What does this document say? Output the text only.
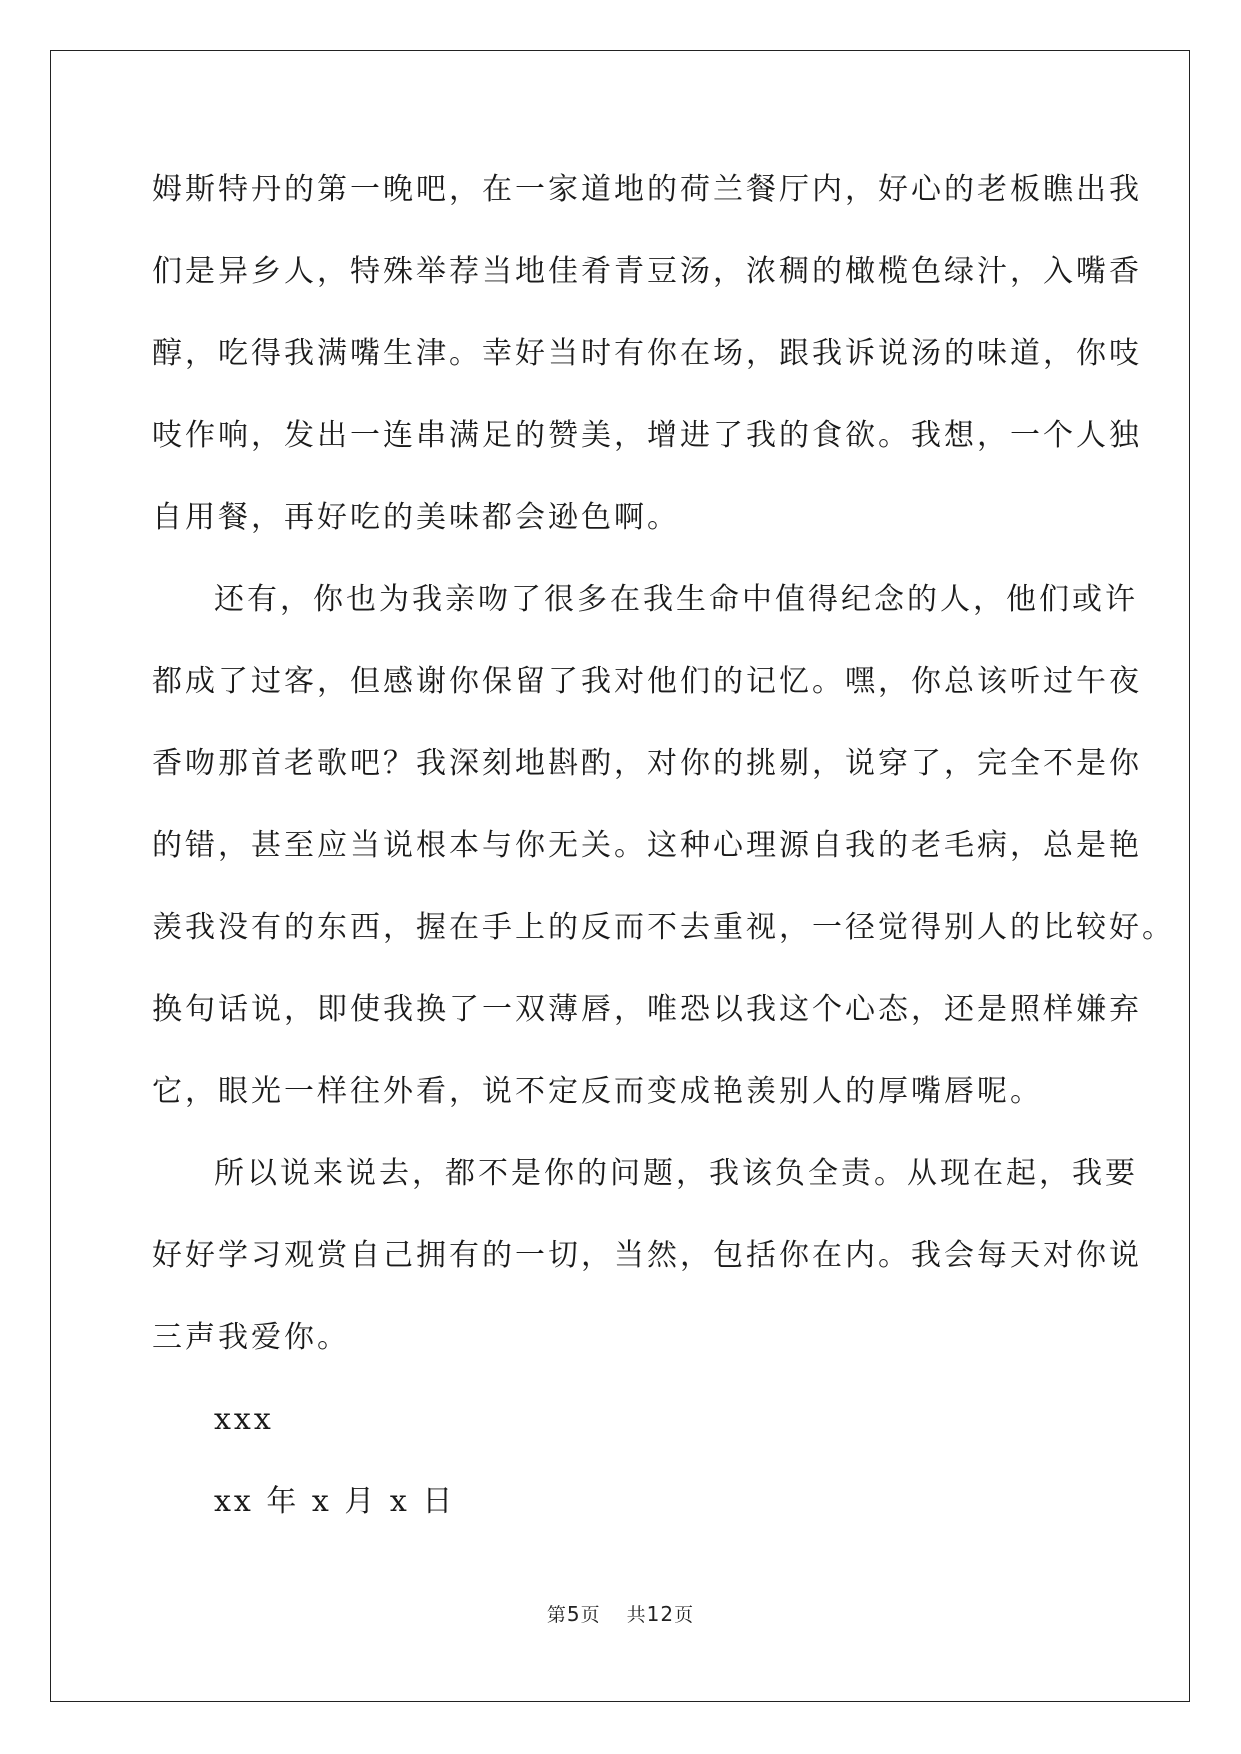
姆斯特丹的第一晚吧，在一家道地的荷兰餐厅内，好心的老板瞧出我
们是异乡人，特殊举荐当地佳肴青豆汤，浓稠的橄榄色绿汁，入嘴香
醇，吃得我满嘴生津。幸好当时有你在场，跟我诉说汤的味道，你吱
吱作响，发出一连串满足的赞美，增进了我的食欲。我想，一个人独
自用餐，再好吃的美味都会逊色啊。
还有，你也为我亲吻了很多在我生命中值得纪念的人，他们或许
都成了过客，但感谢你保留了我对他们的记忆。嘿，你总该听过午夜
香吻那首老歌吧？我深刻地斟酌，对你的挑剔，说穿了，完全不是你
的错，甚至应当说根本与你无关。这种心理源自我的老毛病，总是艳
羡我没有的东西，握在手上的反而不去重视，一径觉得别人的比较好。
换句话说，即使我换了一双薄唇，唯恐以我这个心态，还是照样嫌弃
它，眼光一样往外看，说不定反而变成艳羡别人的厚嘴唇呢。
所以说来说去，都不是你的问题，我该负全责。从现在起，我要
好好学习观赏自己拥有的一切，当然，包括你在内。我会每天对你说
三声我爱你。
xxx
xx 年 x 月 x 日
第5页 共12页
